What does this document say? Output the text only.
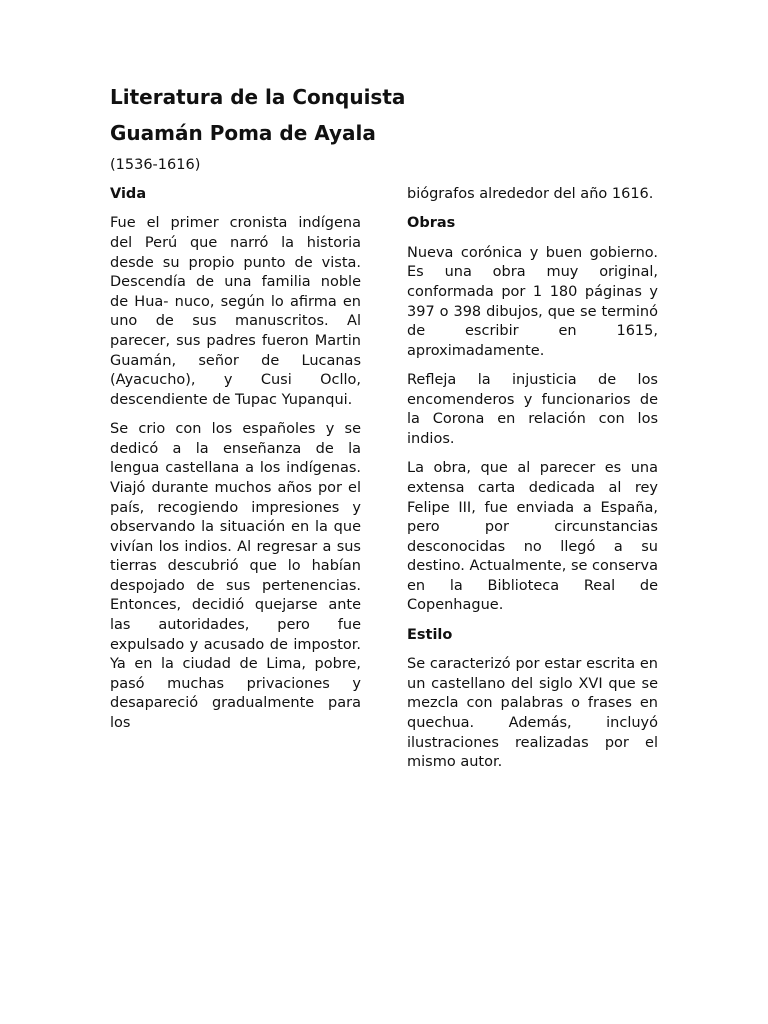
Literatura de la Conquista
Guamán Poma de Ayala
(1536-1616)
Vida

Fue el primer cronista indígena del Perú que narró la historia desde su propio punto de vista. Descendía de una familia noble de Hua- nuco, según lo afirma en uno de sus manuscritos. Al parecer, sus padres fueron Martin Guamán, señor de Lucanas (Ayacucho), y Cusi Ocllo, descendiente de Tupac Yupanqui.

Se crio con los españoles y se dedicó a la enseñanza de la lengua castellana a los indígenas. Viajó durante muchos años por el país, recogiendo impresiones y observando la situación en la que vivían los indios. Al regresar a sus tierras descubrió que lo habían despojado de sus pertenencias. Entonces, decidió quejarse ante las autoridades, pero fue expulsado y acusado de impostor. Ya en la ciudad de Lima, pobre, pasó muchas privaciones y desapareció gradualmente para los

biógrafos alrededor del año 1616.

Obras

Nueva corónica y buen gobierno. Es una obra muy original, conformada por 1 180 páginas y 397 o 398 dibujos, que se terminó de escribir en 1615, aproximadamente.

Refleja la injusticia de los encomenderos y funcionarios de la Corona en relación con los indios.

La obra, que al parecer es una extensa carta dedicada al rey Felipe III, fue enviada a España, pero por circunstancias desconocidas no llegó a su destino. Actualmente, se conserva en la Biblioteca Real de Copenhague.

Estilo

Se caracterizó por estar escrita en un castellano del siglo XVI que se mezcla con palabras o frases en quechua. Además, incluyó ilustraciones realizadas por el mismo autor.
